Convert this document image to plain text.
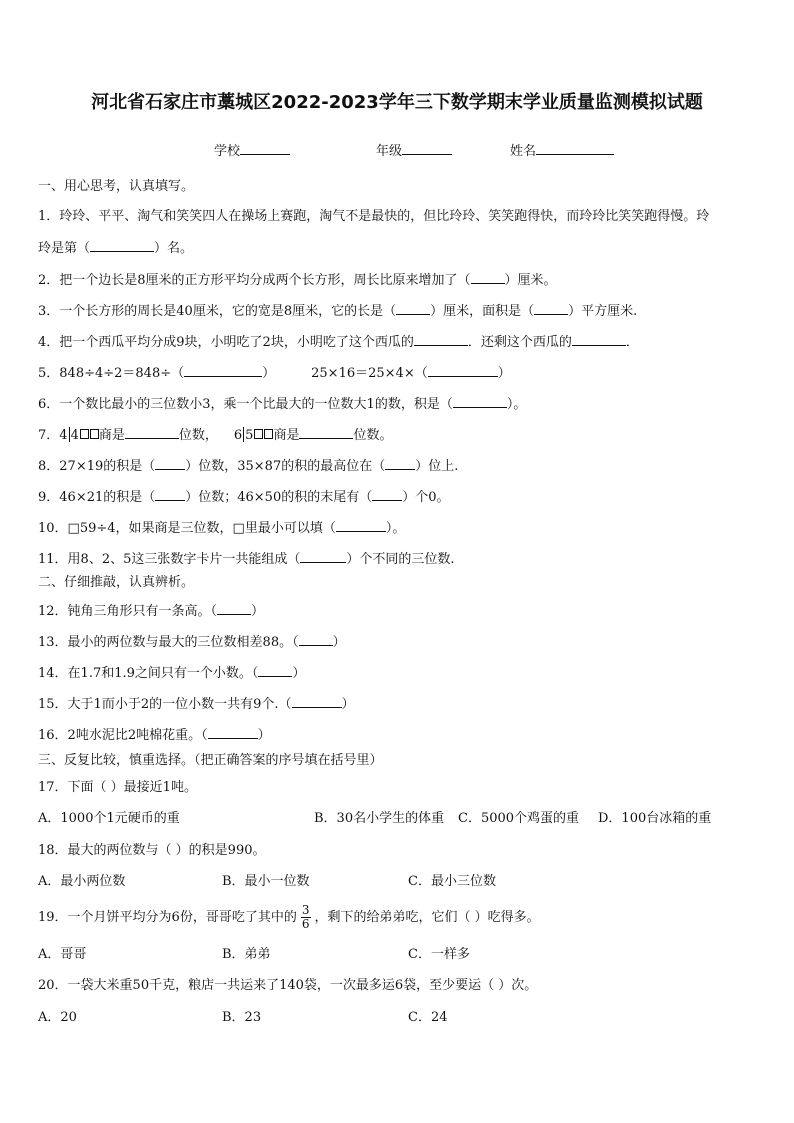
河北省石家庄市藁城区2022-2023学年三下数学期末学业质量监测模拟试题
学校	年级	姓名
一、用心思考，认真填写。
1．玲玲、平平、淘气和笑笑四人在操场上赛跑，淘气不是最快的，但比玲玲、笑笑跑得快，而玲玲比笑笑跑得慢。玲
玲是第（	）名。
2．把一个边长是8厘米的正方形平均分成两个长方形，周长比原来增加了（	）厘米。
3．一个长方形的周长是40厘米，它的宽是8厘米，它的长是（	）厘米，面积是（	）平方厘米.
4．把一个西瓜平均分成9块，小明吃了2块，小明吃了这个西瓜的	．还剩这个西瓜的	．
5．848÷4÷2＝848÷（	）	25×16＝25×4×（	）
6．一个数比最小的三位数小3，乘一个比最大的一位数大1的数，积是（	）。
7．4 4 商是	位数， 6 5 商是	位数。
8．27×19的积是（ ）位数，35×87的积的最高位在（ ）位上.
9．46×21的积是（ ）位数；46×50的积的末尾有（ ）个0。
10．□59÷4，如果商是三位数，□里最小可以填（	）。
11．用8、2、5这三张数字卡片一共能组成（	）个不同的三位数.
二、仔细推敲，认真辨析。
12．钝角三角形只有一条高。（	）
13．最小的两位数与最大的三位数相差88。（	）
14．在1.7和1.9之间只有一个小数。（	）
15．大于1而小于2的一位小数一共有9个.（	）
16．2吨水泥比2吨棉花重。（	）
三、反复比较，慎重选择。（把正确答案的序号填在括号里）
17．下面（ ）最接近1吨。
A．1000个1元硬币的重	B．30名小学生的体重 C．5000个鸡蛋的重 D．100台冰箱的重
18．最大的两位数与（ ）的积是990。
A．最小两位数	B．最小一位数	C．最小三位数
19．一个月饼平均分为6份，哥哥吃了其中的 $\frac{3}{6}$ ，剩下的给弟弟吃，它们（ ）吃得多。
A．哥哥	B．弟弟	C．一样多
20．一袋大米重50千克，粮店一共运来了140袋，一次最多运6袋，至少要运（ ）次。
A．20	B．23	C．24
